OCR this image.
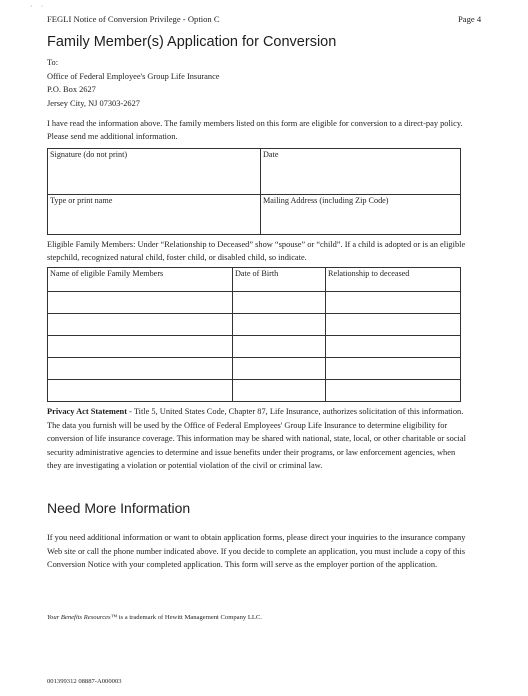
· ·
FEGLI Notice of Conversion Privilege - Option C	Page 4
Family Member(s) Application for Conversion
To:
Office of Federal Employee's Group Life Insurance
P.O. Box 2627
Jersey City, NJ 07303-2627
I have read the information above. The family members listed on this form are eligible for conversion to a direct-pay policy. Please send me additional information.
Signature (do not print)	Date
Type or print name	Mailing Address (including Zip Code)
Eligible Family Members: Under “Relationship to Deceased” show “spouse” or “child”. If a child is adopted or is an eligible stepchild, recognized natural child, foster child, or disabled child, so indicate.
Name of eligible Family Members	Date of Birth	Relationship to deceased

Privacy Act Statement - Title 5, United States Code, Chapter 87, Life Insurance, authorizes solicitation of this information. The data you furnish will be used by the Office of Federal Employees' Group Life Insurance to determine eligibility for conversion of life insurance coverage. This information may be shared with national, state, local, or other charitable or social security administrative agencies to determine and issue benefits under their programs, or law enforcement agencies, when they are investigating a violation or potential violation of the civil or criminal law.
Need More Information
If you need additional information or want to obtain application forms, please direct your inquiries to the insurance company Web site or call the phone number indicated above. If you decide to complete an application, you must include a copy of this Conversion Notice with your completed application. This form will serve as the employer portion of the application.
Your Benefits Resources™ is a trademark of Hewitt Management Company LLC.
001399312 08887-A000003
